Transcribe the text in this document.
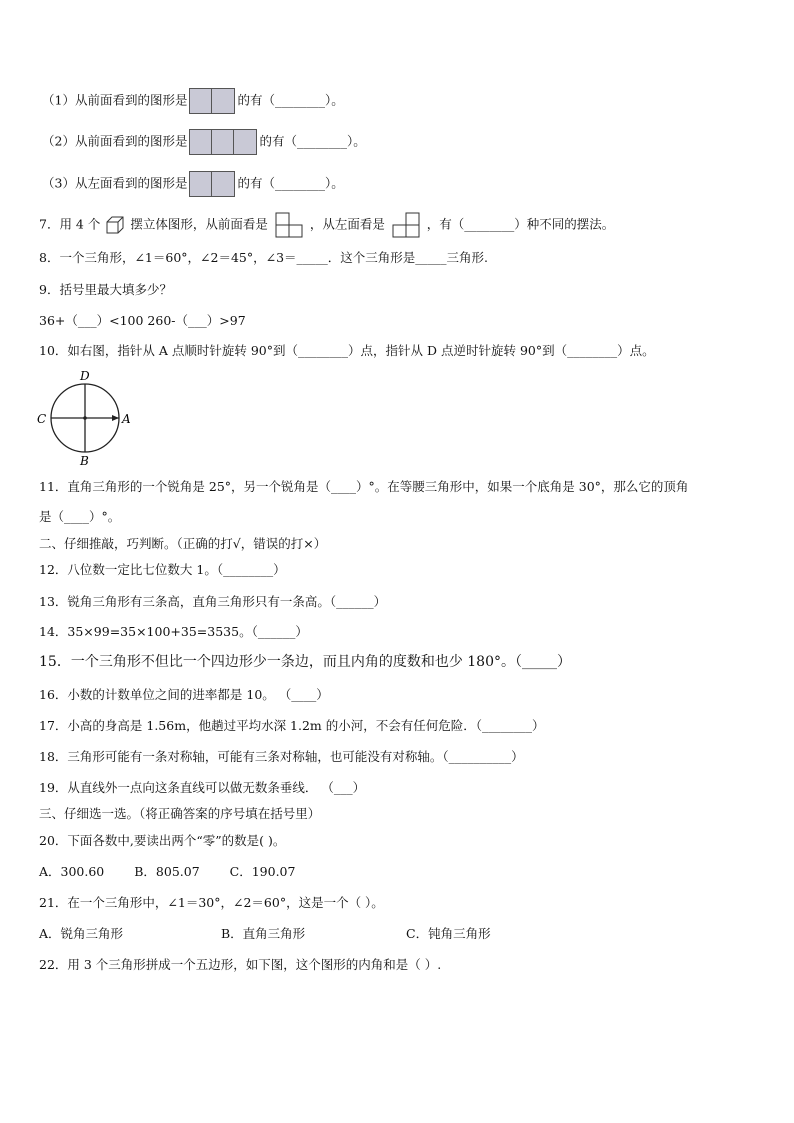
（1）从前面看到的图形是	的有（________）。
（2）从前面看到的图形是	的有（________）。
（3）从左面看到的图形是	的有（________）。
7．用 4 个 摆立体图形，从前面看是	，从左面看是	，有（________）种不同的摆法。
8．一个三角形，∠1＝60°，∠2＝45°，∠3＝_____．这个三角形是_____三角形.
9．括号里最大填多少？
36+（___）<100 260-（___）>97
10．如右图，指针从 A 点顺时针旋转 90°到（________）点，指针从 D 点逆时针旋转 90°到（________）点。
D
C	A
B
11．直角三角形的一个锐角是 25°，另一个锐角是（____）°。在等腰三角形中，如果一个底角是 30°，那么它的顶角
是（____）°。
二、仔细推敲，巧判断。（正确的打√，错误的打×）
12．八位数一定比七位数大 1。（________）
13．锐角三角形有三条高，直角三角形只有一条高。（______）
14．35×99=35×100+35=3535。（______）
15．一个三角形不但比一个四边形少一条边，而且内角的度数和也少 180°。（_____）
16．小数的计数单位之间的进率都是 10。 （____）
17．小高的身高是 1.56m，他趟过平均水深 1.2m 的小河，不会有任何危险．（________）
18．三角形可能有一条对称轴，可能有三条对称轴，也可能没有对称轴。（__________）
19．从直线外一点向这条直线可以做无数条垂线． （___）
三、仔细选一选。（将正确答案的序号填在括号里）
20．下面各数中,要读出两个“零”的数是( )。
A．300.60 B．805.07 C．190.07
21．在一个三角形中，∠1＝30°，∠2＝60°，这是一个（ ）。
A．锐角三角形	B．直角三角形	C．钝角三角形
22．用 3 个三角形拼成一个五边形，如下图，这个图形的内角和是（ ）.
